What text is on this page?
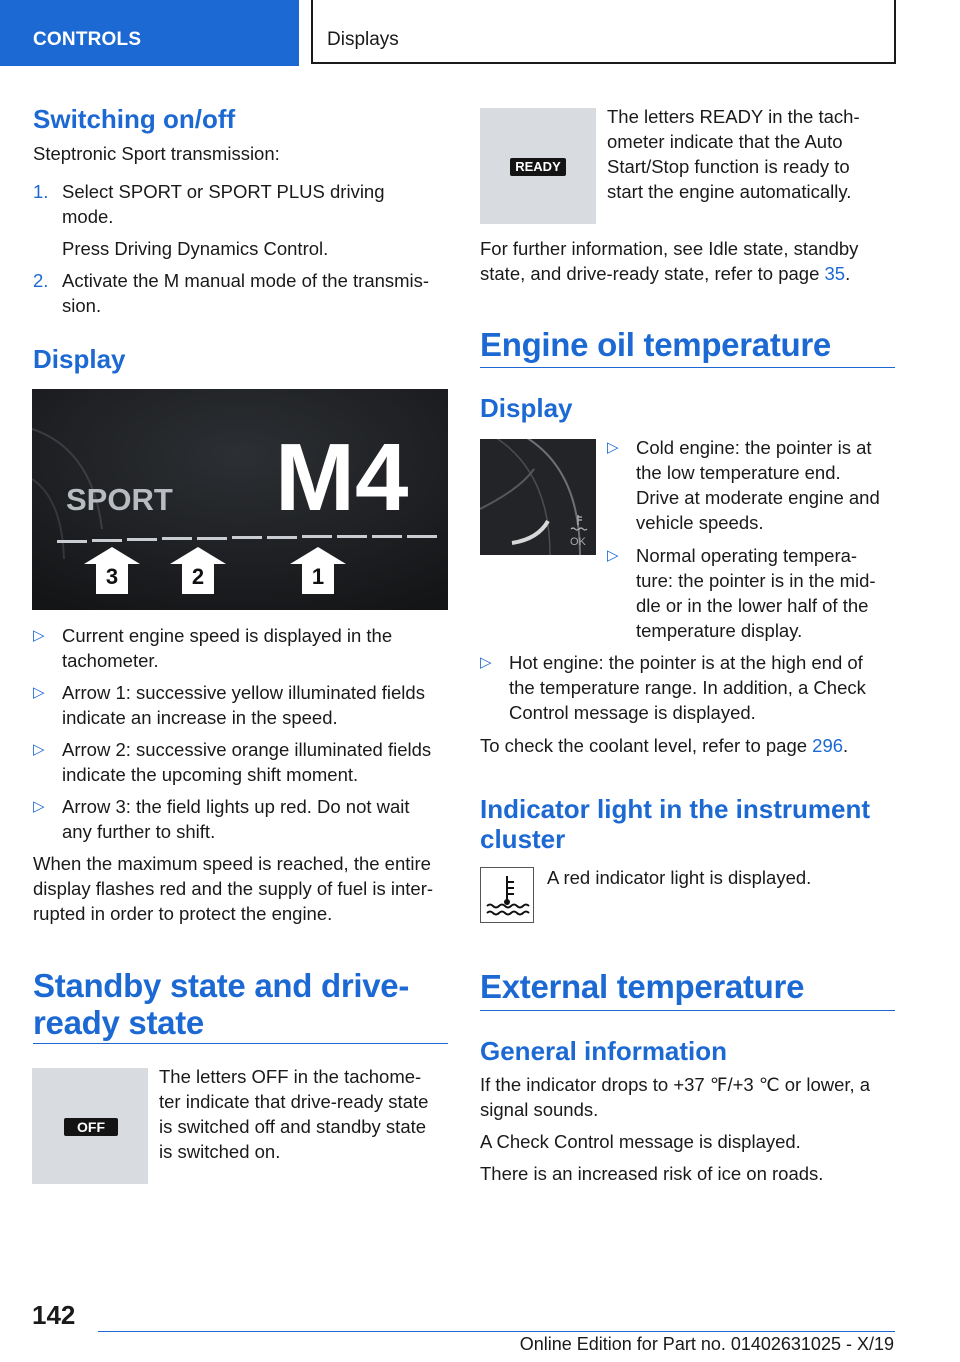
CONTROLS	Displays
Switching on/off
Steptronic Sport transmission:
1. Select SPORT or SPORT PLUS driving
mode.
Press Driving Dynamics Control.
2. Activate the M manual mode of the transmis-
sion.
Display
SPORT M4
3	2	1
▷ Current engine speed is displayed in the
tachometer.
▷ Arrow 1: successive yellow illuminated fields
indicate an increase in the speed.
▷ Arrow 2: successive orange illuminated fields
indicate the upcoming shift moment.
▷ Arrow 3: the field lights up red. Do not wait
any further to shift.
When the maximum speed is reached, the entire
display flashes red and the supply of fuel is inter-
rupted in order to protect the engine.
Standby state and drive-
ready state
OFF
The letters OFF in the tachome-
ter indicate that drive-ready state
is switched off and standby state
is switched on.
READY
The letters READY in the tach-
ometer indicate that the Auto
Start/Stop function is ready to
start the engine automatically.
For further information, see Idle state, standby
state, and drive-ready state, refer to page 35.
Engine oil temperature
Display
OK
▷ Cold engine: the pointer is at
the low temperature end.
Drive at moderate engine and
vehicle speeds.
▷ Normal operating tempera-
ture: the pointer is in the mid-
dle or in the lower half of the
temperature display.
▷ Hot engine: the pointer is at the high end of
the temperature range. In addition, a Check
Control message is displayed.
To check the coolant level, refer to page 296.
Indicator light in the instrument
cluster
A red indicator light is displayed.
External temperature
General information
If the indicator drops to +37 ℉/+3 ℃ or lower, a
signal sounds.
A Check Control message is displayed.
There is an increased risk of ice on roads.
142
Online Edition for Part no. 01402631025 - X/19
